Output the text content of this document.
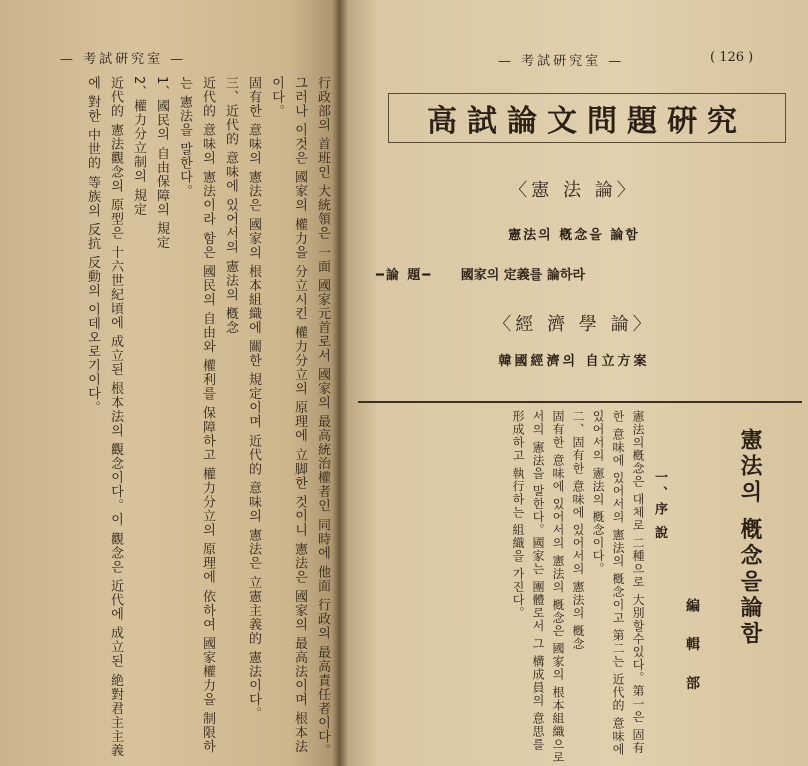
— 考試硏究室 —
行政部의 首班인 大統領은 一面 國家元首로서 國家의 最高統治權者인 同時에 他面 行政의 最高責任者이다。
그러나 이것은 國家의 權力을 分立시킨 權力分立의 原理에 立脚한 것이니 憲法은 國家의 最高法이며 根本法이다。
固有한 意味의 憲法은 國家의 根本組織에 關한 規定이며 近代的 意味의 憲法은 立憲主義的 憲法이다。
三、近代的 意味에 있어서의 憲法의 槪念
近代的 意味의 憲法이라 함은 國民의 自由와 權利를 保障하고 權力分立의 原理에 依하여 國家權力을 制限하는 憲法을 말한다。
1、國民의 自由保障의 規定
2、權力分立制의 規定
近代的 憲法觀念의 原型은 十六世紀頃에 成立된 根本法의 觀念이다。이 觀念은 近代에 成立된 絶對君主主義에 對한 中世的 等族의 反抗 反動의 이데오로기이다。
— 考試硏究室 —	( 126 )
高試論文問題硏究
〈憲 法 論〉
憲法의 槪念을 論함
━論 題━ 國家의 定義를 論하라
〈經 濟 學 論〉
韓國經濟의 自立方案
憲法의 槪念을論함
編 輯 部
一、序 說
憲法의槪念은 대체로 二種으로 大別할수있다。第一은 固有한 意味에 있어서의 憲法의 槪念이고 第二는 近代的 意味에 있어서의 憲法의 槪念이다。
二、固有한 意味에 있어서의 憲法의 槪念
固有한 意味에 있어서의 憲法의 槪念은 國家의 根本組織으로서의 憲法을 말한다。國家는 團體로서 그 構成員의 意思를 形成하고 執行하는 組織을 가진다。
